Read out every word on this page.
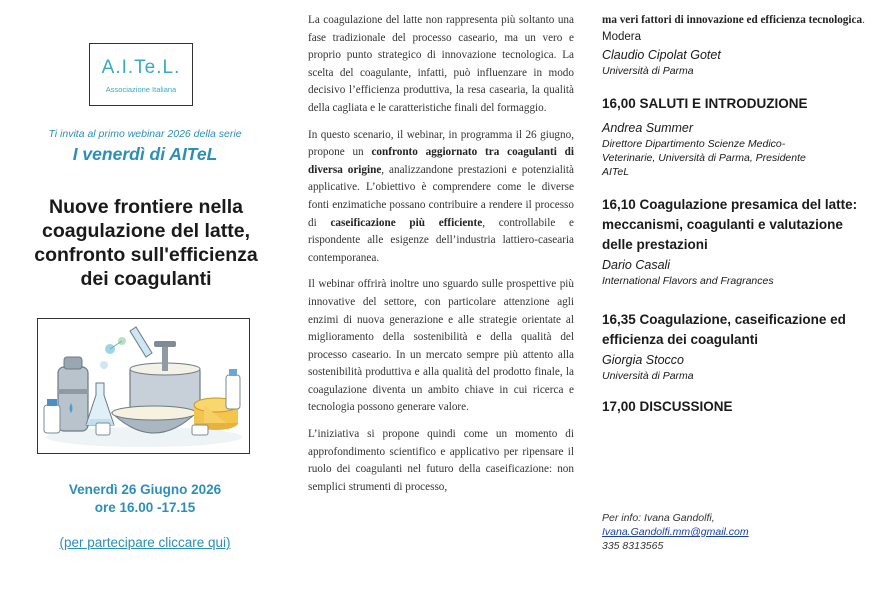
A.I.Te.L.
Associazione Italiana
Ti invita al primo webinar 2026 della serie
I venerdì di AITeL
Nuove frontiere nella
coagulazione del latte,
confronto sull'efficienza
dei coagulanti
Venerdì 26 Giugno 2026
ore 16.00 -17.15
(per partecipare cliccare qui)

La coagulazione del latte non rappresenta più soltanto una fase tradizionale del processo caseario, ma un vero e proprio punto strategico di innovazione tecnologica. La scelta del coagulante, infatti, può influenzare in modo decisivo l’efficienza produttiva, la resa casearia, la qualità della cagliata e le caratteristiche finali del formaggio.

In questo scenario, il webinar, in programma il 26 giugno, propone un confronto aggiornato tra coagulanti di diversa origine, analizzandone prestazioni e potenzialità applicative. L’obiettivo è comprendere come le diverse fonti enzimatiche possano contribuire a rendere il processo di caseificazione più efficiente, controllabile e rispondente alle esigenze dell’industria lattiero-casearia contemporanea.

Il webinar offrirà inoltre uno sguardo sulle prospettive più innovative del settore, con particolare attenzione agli enzimi di nuova generazione e alle strategie orientate al miglioramento della sostenibilità e della qualità del processo caseario. In un mercato sempre più attento alla sostenibilità produttiva e alla qualità del prodotto finale, la coagulazione diventa un ambito chiave in cui ricerca e tecnologia possono generare valore.

L’iniziativa si propone quindi come un momento di approfondimento scientifico e applicativo per ripensare il ruolo dei coagulanti nel futuro della caseificazione: non semplici strumenti di processo,

ma veri fattori di innovazione ed efficienza tecnologica.

Modera

Claudio Cipolat Gotet

Università di Parma

16,00 SALUTI E INTRODUZIONE

Andrea Summer

Direttore Dipartimento Scienze Medico-Veterinarie, Università di Parma, Presidente AITeL

16,10 Coagulazione presamica del latte: meccanismi, coagulanti e valutazione delle prestazioni

Dario Casali

International Flavors and Fragrances

16,35 Coagulazione, caseificazione ed efficienza dei coagulanti

Giorgia Stocco

Università di Parma

17,00 DISCUSSIONE

Per info: Ivana Gandolfi,
Ivana.Gandolfi.mm@gmail.com
335 8313565
